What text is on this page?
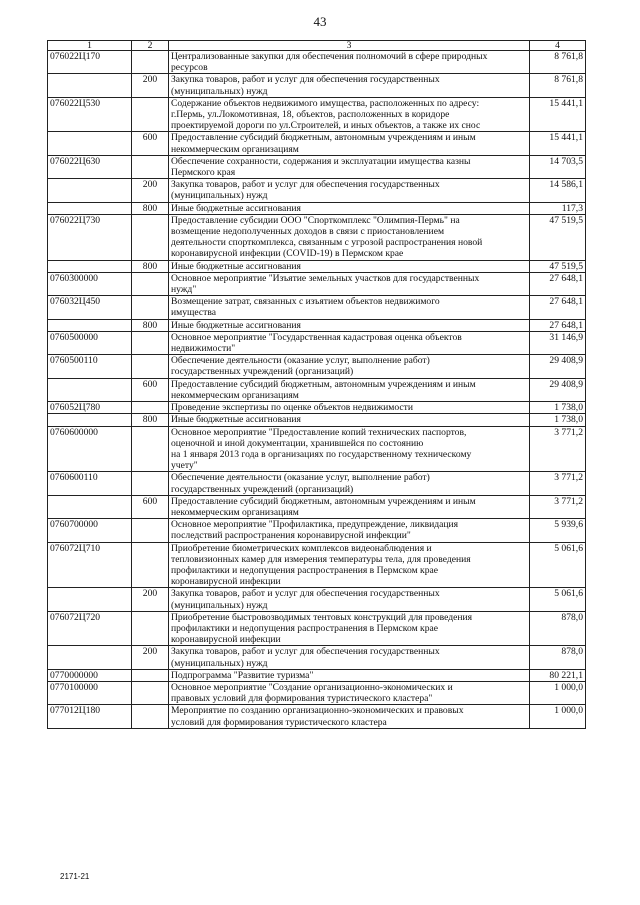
43
1	2	3	4
076022Ц170		Централизованные закупки для обеспечения полномочий в сфере природных
ресурсов	8 761,8
	200	Закупка товаров, работ и услуг для обеспечения государственных
(муниципальных) нужд	8 761,8
076022Ц530		Содержание объектов недвижимого имущества, расположенных по адресу:
г.Пермь, ул.Локомотивная, 18, объектов, расположенных в коридоре
проектируемой дороги по ул.Строителей, и иных объектов, а также их снос	15 441,1
	600	Предоставление субсидий бюджетным, автономным учреждениям и иным
некоммерческим организациям	15 441,1
076022Ц630		Обеспечение сохранности, содержания и эксплуатации имущества казны
Пермского края	14 703,5
	200	Закупка товаров, работ и услуг для обеспечения государственных
(муниципальных) нужд	14 586,1
	800	Иные бюджетные ассигнования	117,3
076022Ц730		Предоставление субсидии ООО "Спорткомплекс "Олимпия-Пермь" на
возмещение недополученных доходов в связи с приостановлением
деятельности спорткомплекса, связанным с угрозой распространения новой
коронавирусной инфекции (COVID-19) в Пермском крае	47 519,5
	800	Иные бюджетные ассигнования	47 519,5
0760300000		Основное мероприятие "Изъятие земельных участков для государственных
нужд"	27 648,1
076032Ц450		Возмещение затрат, связанных с изъятием объектов недвижимого
имущества	27 648,1
	800	Иные бюджетные ассигнования	27 648,1
0760500000		Основное мероприятие "Государственная кадастровая оценка объектов
недвижимости"	31 146,9
0760500110		Обеспечение деятельности (оказание услуг, выполнение работ)
государственных учреждений (организаций)	29 408,9
	600	Предоставление субсидий бюджетным, автономным учреждениям и иным
некоммерческим организациям	29 408,9
076052Ц780		Проведение экспертизы по оценке объектов недвижимости	1 738,0
	800	Иные бюджетные ассигнования	1 738,0
0760600000		Основное мероприятие "Предоставление копий технических паспортов,
оценочной и иной документации, хранившейся по состоянию
на 1 января 2013 года в организациях по государственному техническому
учету"	3 771,2
0760600110		Обеспечение деятельности (оказание услуг, выполнение работ)
государственных учреждений (организаций)	3 771,2
	600	Предоставление субсидий бюджетным, автономным учреждениям и иным
некоммерческим организациям	3 771,2
0760700000		Основное мероприятие "Профилактика, предупреждение, ликвидация
последствий распространения коронавирусной инфекции"	5 939,6
076072Ц710		Приобретение биометрических комплексов видеонаблюдения и
тепловизионных камер для измерения температуры тела, для проведения
профилактики и недопущения распространения в Пермском крае
коронавирусной инфекции	5 061,6
	200	Закупка товаров, работ и услуг для обеспечения государственных
(муниципальных) нужд	5 061,6
076072Ц720		Приобретение быстровозводимых тентовых конструкций для проведения
профилактики и недопущения распространения в Пермском крае
коронавирусной инфекции	878,0
	200	Закупка товаров, работ и услуг для обеспечения государственных
(муниципальных) нужд	878,0
0770000000		Подпрограмма "Развитие туризма"	80 221,1
0770100000		Основное мероприятие "Создание организационно-экономических и
правовых условий для формирования туристического кластера"	1 000,0
077012Ц180		Мероприятие по созданию организационно-экономических и правовых
условий для формирования туристического кластера	1 000,0
2171-21
